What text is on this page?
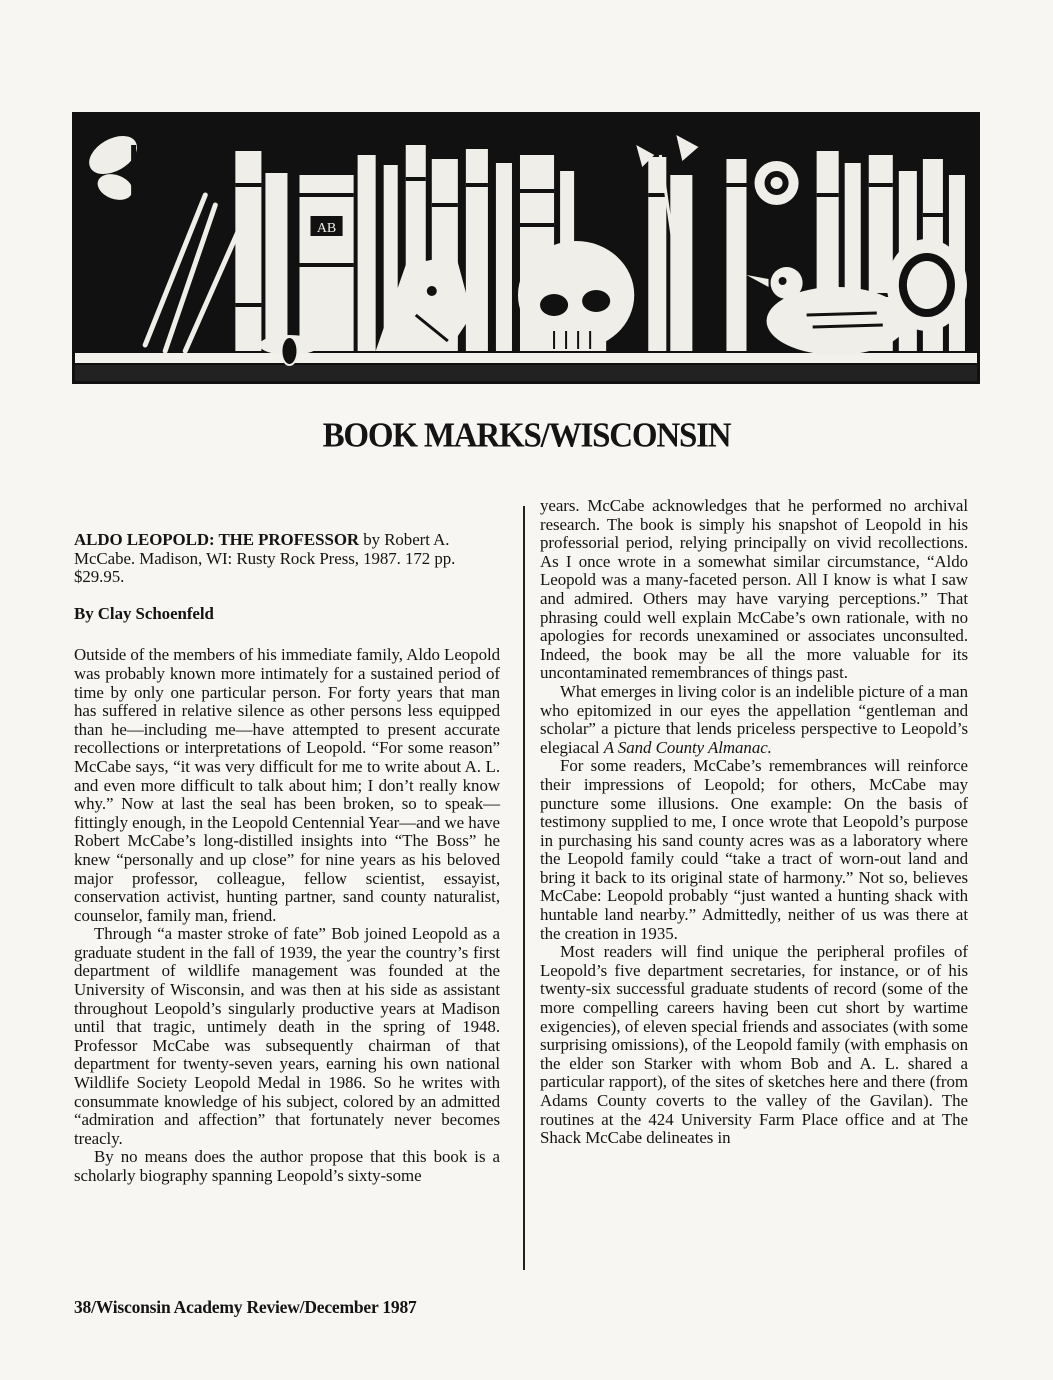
AB
BOOK MARKS/WISCONSIN

ALDO LEOPOLD: THE PROFESSOR by Robert A. McCabe. Madison, WI: Rusty Rock Press, 1987. 172 pp. $29.95.

By Clay Schoenfeld

Outside of the members of his immediate family, Aldo Leopold was probably known more intimately for a sustained period of time by only one particular person. For forty years that man has suffered in relative silence as other persons less equipped than he—including me—have attempted to present accurate recollections or interpretations of Leopold. “For some reason” McCabe says, “it was very difficult for me to write about A. L. and even more difficult to talk about him; I don’t really know why.” Now at last the seal has been broken, so to speak—fittingly enough, in the Leopold Centennial Year—and we have Robert McCabe’s long-distilled insights into “The Boss” he knew “personally and up close” for nine years as his beloved major professor, colleague, fellow scientist, essayist, conservation activist, hunting partner, sand county naturalist, counselor, family man, friend.

Through “a master stroke of fate” Bob joined Leopold as a graduate student in the fall of 1939, the year the country’s first department of wildlife management was founded at the University of Wisconsin, and was then at his side as assistant throughout Leopold’s singularly productive years at Madison until that tragic, untimely death in the spring of 1948. Professor McCabe was subsequently chairman of that department for twenty-seven years, earning his own national Wildlife Society Leopold Medal in 1986. So he writes with consummate knowledge of his subject, colored by an admitted “admiration and affection” that fortunately never becomes treacly.

By no means does the author propose that this book is a scholarly biography spanning Leopold’s sixty-some

years. McCabe acknowledges that he performed no archival research. The book is simply his snapshot of Leopold in his professorial period, relying principally on vivid recollections. As I once wrote in a somewhat similar circumstance, “Aldo Leopold was a many-faceted person. All I know is what I saw and admired. Others may have varying perceptions.” That phrasing could well explain McCabe’s own rationale, with no apologies for records unexamined or associates unconsulted. Indeed, the book may be all the more valuable for its uncontaminated remembrances of things past.

What emerges in living color is an indelible picture of a man who epitomized in our eyes the appellation “gentleman and scholar” a picture that lends priceless perspective to Leopold’s elegiacal A Sand County Almanac.

For some readers, McCabe’s remembrances will reinforce their impressions of Leopold; for others, McCabe may puncture some illusions. One example: On the basis of testimony supplied to me, I once wrote that Leopold’s purpose in purchasing his sand county acres was as a laboratory where the Leopold family could “take a tract of worn-out land and bring it back to its original state of harmony.” Not so, believes McCabe: Leopold probably “just wanted a hunting shack with huntable land nearby.” Admittedly, neither of us was there at the creation in 1935.

Most readers will find unique the peripheral profiles of Leopold’s five department secretaries, for instance, or of his twenty-six successful graduate students of record (some of the more compelling careers having been cut short by wartime exigencies), of eleven special friends and associates (with some surprising omissions), of the Leopold family (with emphasis on the elder son Starker with whom Bob and A. L. shared a particular rapport), of the sites of sketches here and there (from Adams County coverts to the valley of the Gavilan). The routines at the 424 University Farm Place office and at The Shack McCabe delineates in

38/Wisconsin Academy Review/December 1987
